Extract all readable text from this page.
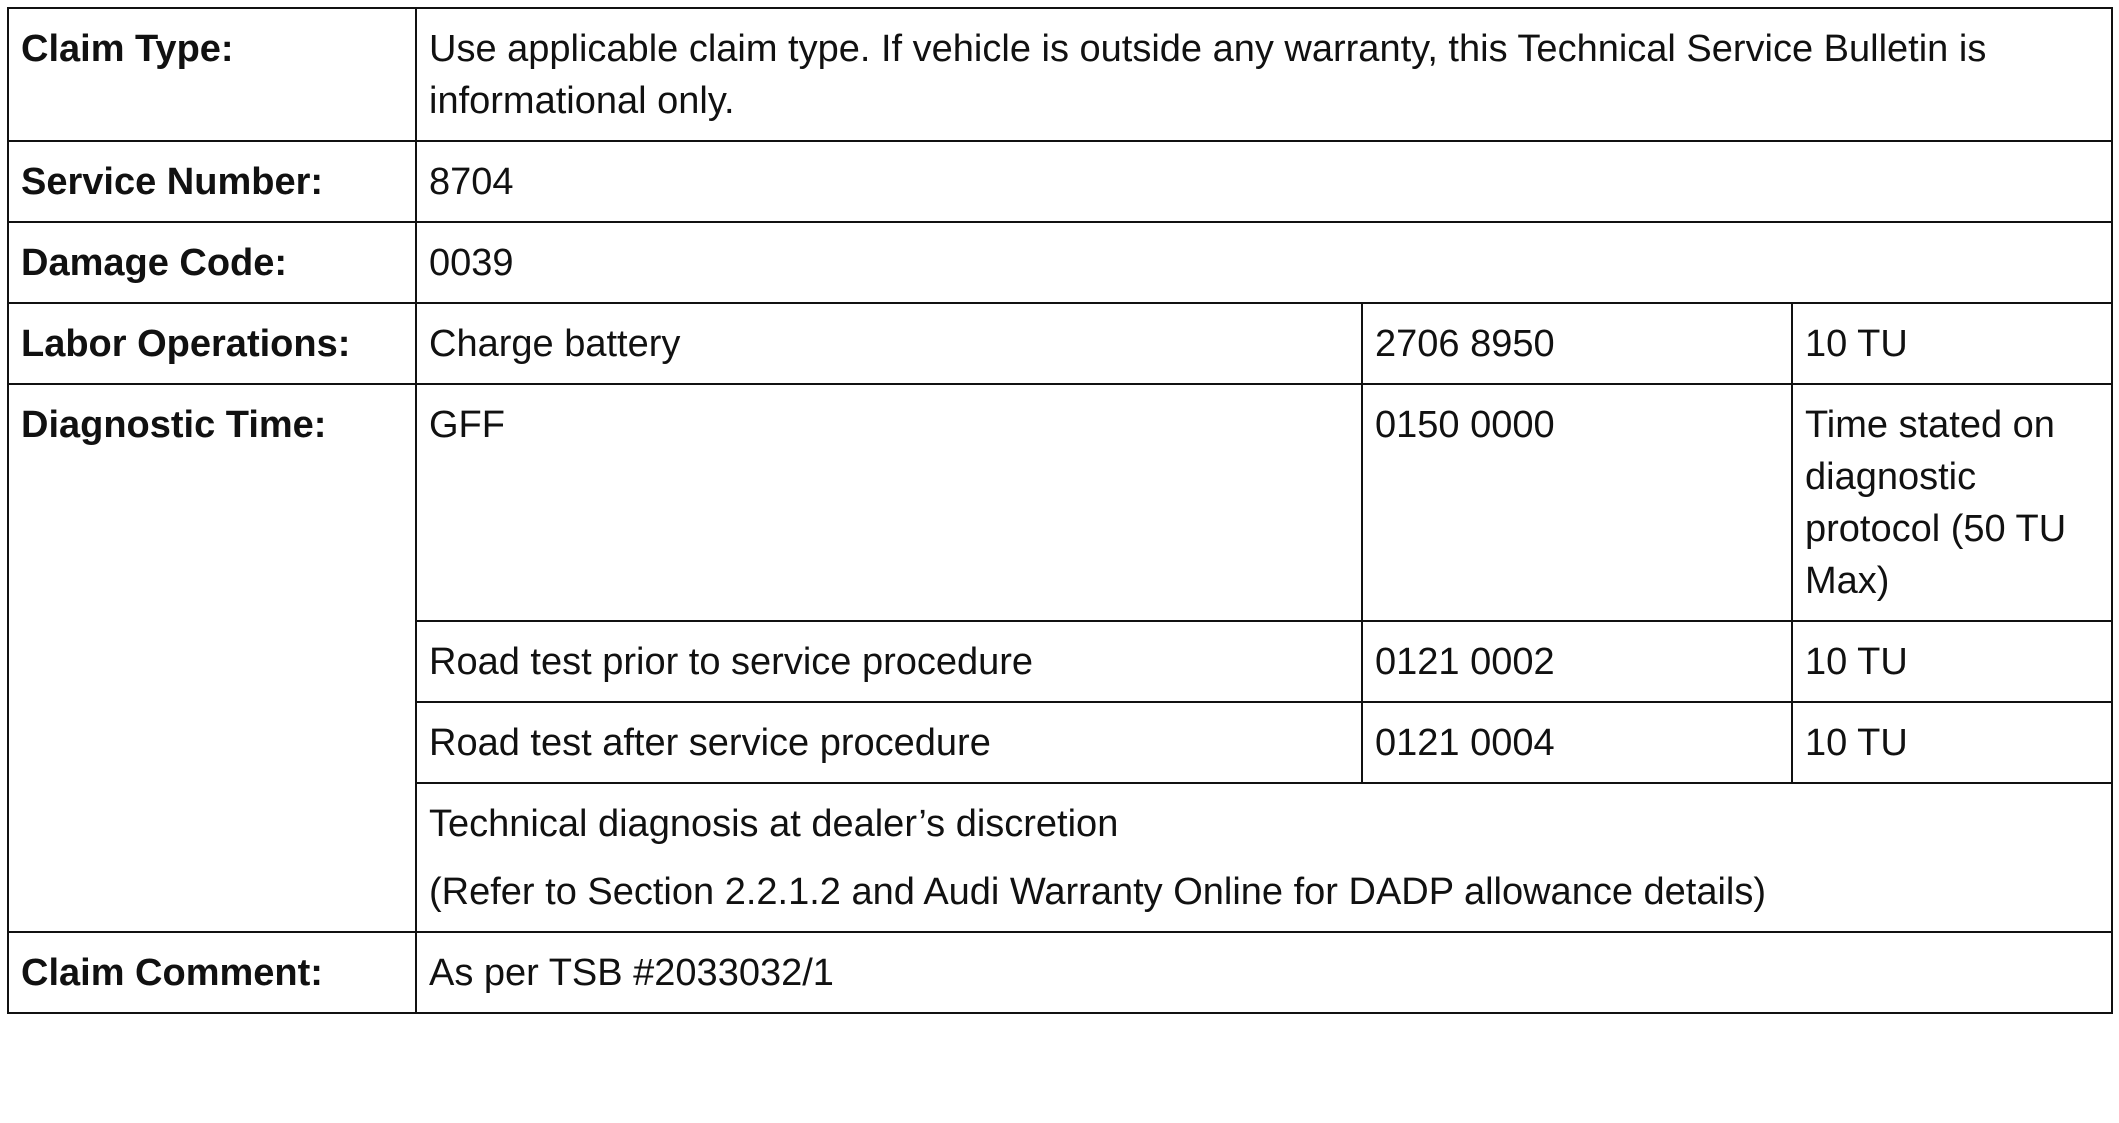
Claim Type:	Use applicable claim type. If vehicle is outside any warranty, this Technical Service Bulletin is informational only.		
Service Number:	8704		
Damage Code:	0039		
Labor Operations:	Charge battery	2706 8950	10 TU
Diagnostic Time:	GFF	0150 0000	Time stated on diagnostic protocol (50 TU Max)
	Road test prior to service procedure	0121 0002	10 TU
	Road test after service procedure	0121 0004	10 TU

	Technical diagnosis at dealer’s discretion
(Refer to Section 2.2.1.2 and Audi Warranty Online for DADP allowance details)		

Claim Comment:	As per TSB #2033032/1		
